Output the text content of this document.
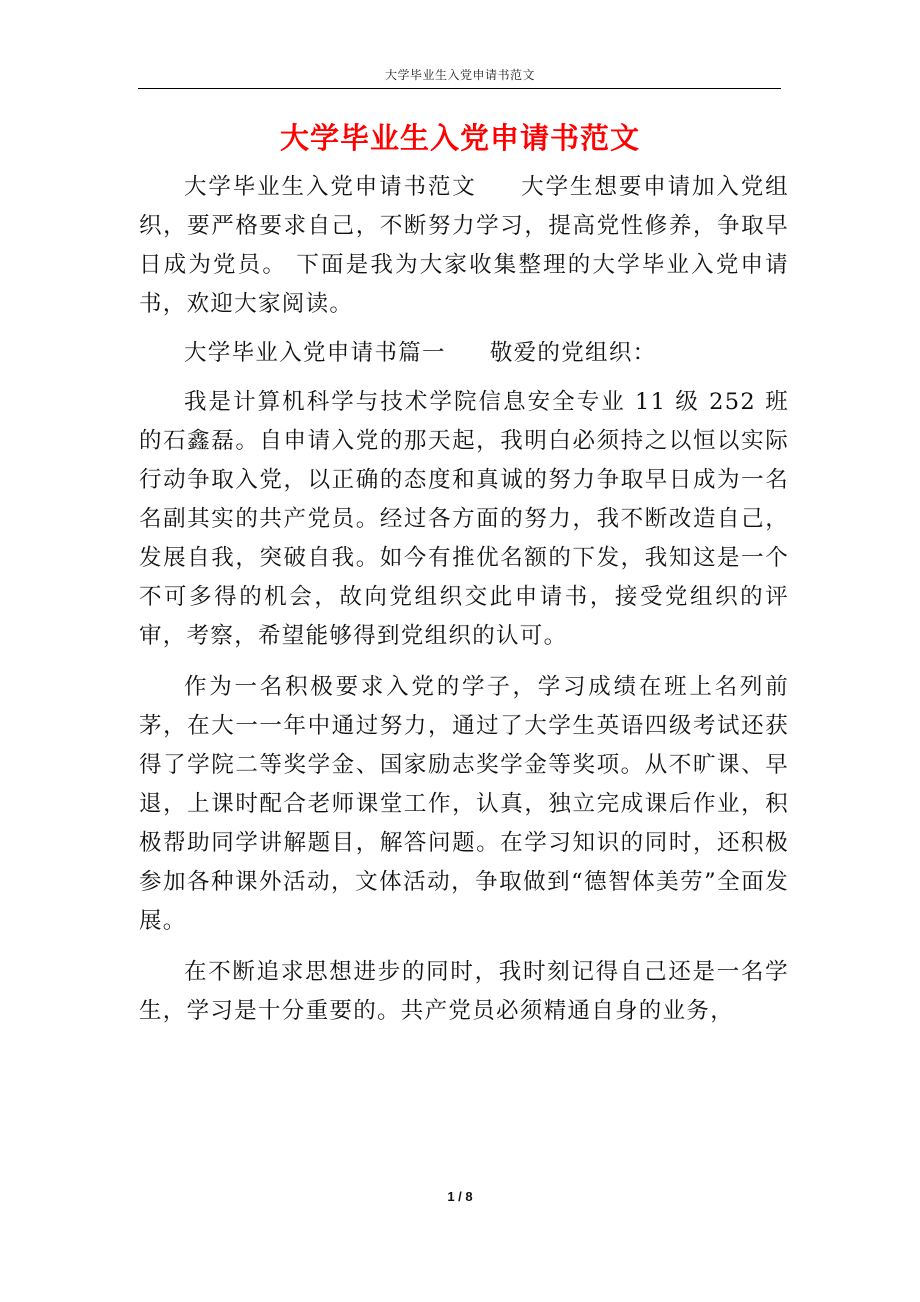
大学毕业生入党申请书范文
大学毕业生入党申请书范文

大学毕业生入党申请书范文 大学生想要申请加入党组织，要严格要求自己，不断努力学习，提高党性修养，争取早日成为党员。 下面是我为大家收集整理的大学毕业入党申请书，欢迎大家阅读。

大学毕业入党申请书篇一 敬爱的党组织：

我是计算机科学与技术学院信息安全专业 11 级 252 班的石鑫磊。自申请入党的那天起，我明白必须持之以恒以实际行动争取入党，以正确的态度和真诚的努力争取早日成为一名名副其实的共产党员。经过各方面的努力，我不断改造自己，发展自我，突破自我。如今有推优名额的下发，我知这是一个不可多得的机会，故向党组织交此申请书，接受党组织的评审，考察，希望能够得到党组织的认可。

作为一名积极要求入党的学子，学习成绩在班上名列前茅，在大一一年中通过努力，通过了大学生英语四级考试还获得了学院二等奖学金、国家励志奖学金等奖项。从不旷课、早退，上课时配合老师课堂工作，认真，独立完成课后作业，积极帮助同学讲解题目，解答问题。在学习知识的同时，还积极参加各种课外活动，文体活动，争取做到“德智体美劳”全面发展。

在不断追求思想进步的同时，我时刻记得自己还是一名学生，学习是十分重要的。共产党员必须精通自身的业务，

1 / 8
